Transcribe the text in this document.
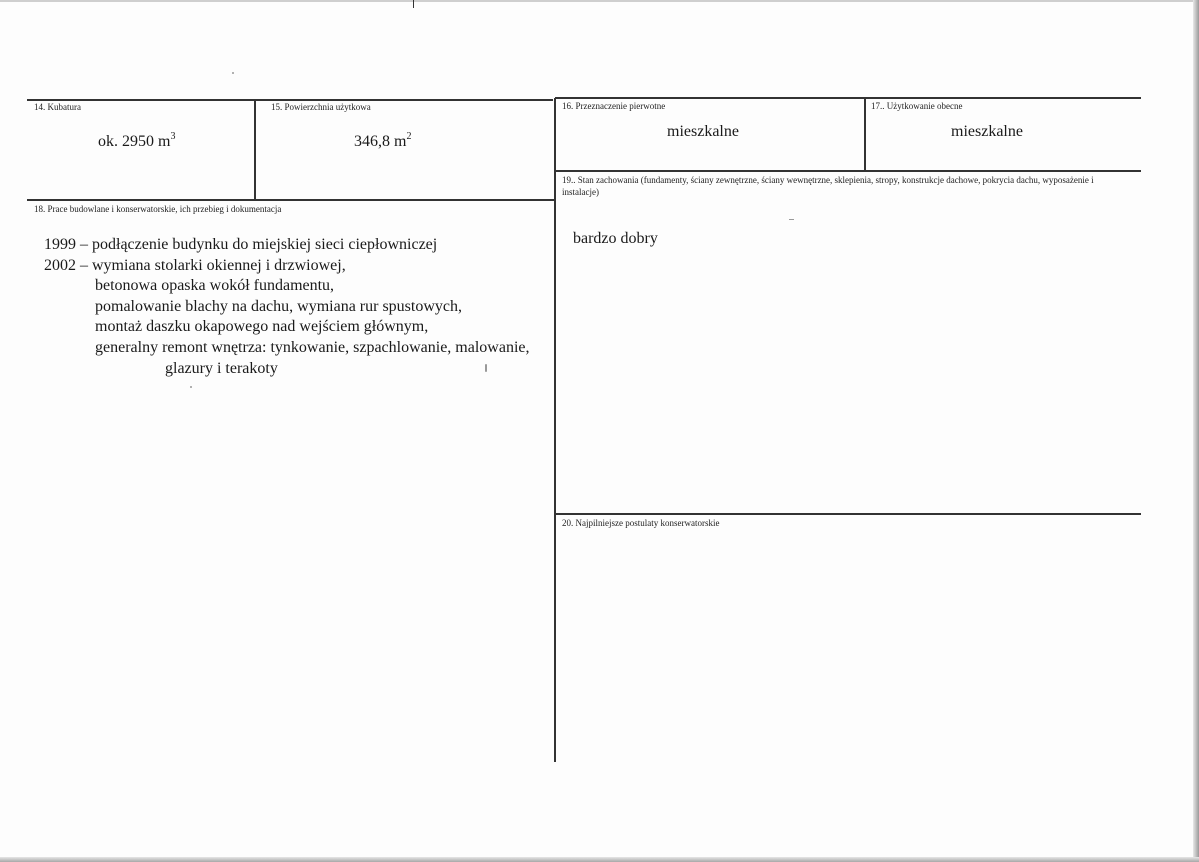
14. Kubatura
ok. 2950 $m^3$
15. Powierzchnia użytkowa
346,8 $m^2$
16. Przeznaczenie pierwotne
mieszkalne
17.. Użytkowanie obecne
mieszkalne
19.. Stan zachowania (fundamenty, ściany zewnętrzne, ściany wewnętrzne, sklepienia, stropy, konstrukcje dachowe, pokrycia dachu, wyposażenie i instalacje)
bardzo dobry
18. Prace budowlane i konserwatorskie, ich przebieg i dokumentacja
1999 – podłączenie budynku do miejskiej sieci ciepłowniczej
2002 – wymiana stolarki okiennej i drzwiowej,
betonowa opaska wokół fundamentu,
pomalowanie blachy na dachu, wymiana rur spustowych,
montaż daszku okapowego nad wejściem głównym,
generalny remont wnętrza: tynkowanie, szpachlowanie, malowanie,
glazury i terakoty
20. Najpilniejsze postulaty konserwatorskie
